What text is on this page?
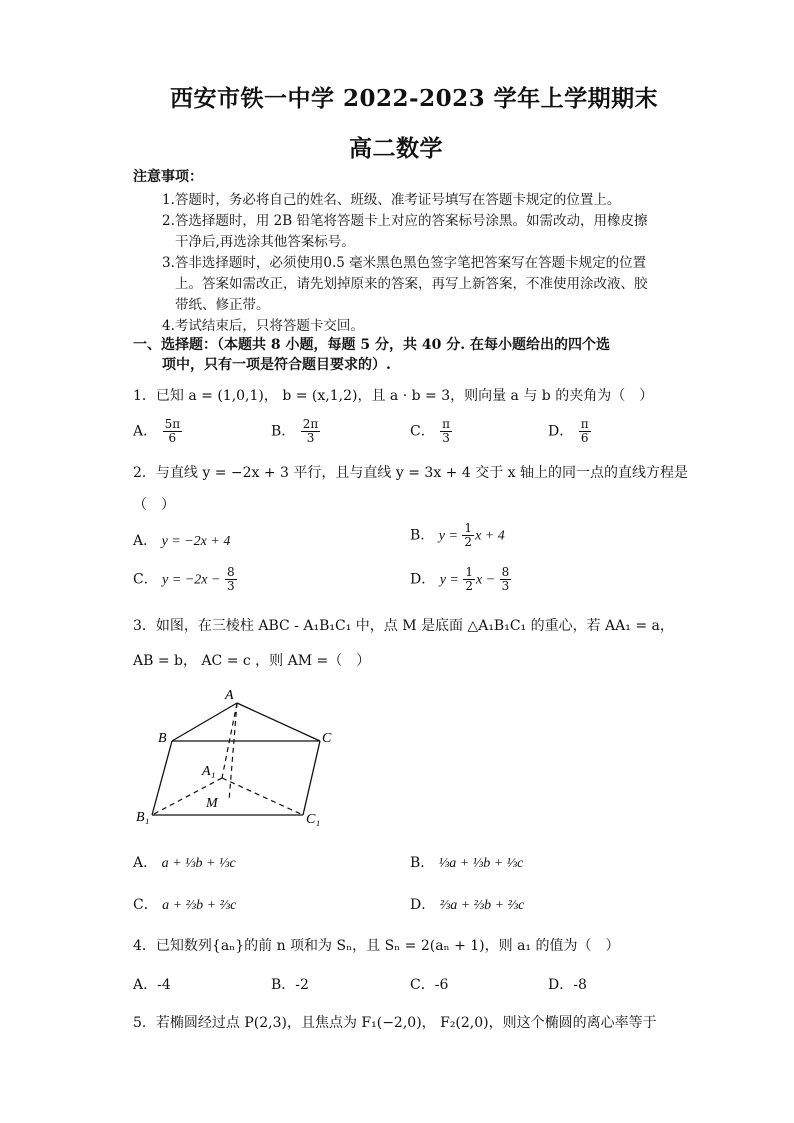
西安市铁一中学 2022-2023 学年上学期期末
高二数学
注意事项：
1.答题时，务必将自己的姓名、班级、准考证号填写在答题卡规定的位置上。
2.答选择题时，用 2B 铅笔将答题卡上对应的答案标号涂黑。如需改动，用橡皮擦
干净后,再选涂其他答案标号。
3.答非选择题时，必须使用0.5 毫米黑色黑色签字笔把答案写在答题卡规定的位置
上。答案如需改正，请先划掉原来的答案，再写上新答案，不准使用涂改液、胶
带纸、修正带。
4.考试结束后，只将答题卡交回。
一、选择题：（本题共 8 小题，每题 5 分，共 40 分. 在每小题给出的四个选
项中，只有一项是符合题目要求的）.
1．已知 a = (1,0,1)， b = (x,1,2)，且 a · b = 3，则向量 a 与 b 的夹角为（　）
A． $\frac{5\pi}{6}$	B． $\frac{2\pi}{3}$	C． $\frac{\pi}{3}$	D． $\frac{\pi}{6}$
2．与直线 y = −2x + 3 平行，且与直线 y = 3x + 4 交于 x 轴上的同一点的直线方程是
（　）
A． y = −2x + 4	B． $y = \frac{1}{2}$ x + 4
C． $y = -2x - \frac{8}{3}$	D． $y = \frac{1}{2}$ $x - \frac{8}{3}$
3．如图，在三棱柱 ABC - A₁B₁C₁ 中，点 M 是底面 △A₁B₁C₁ 的重心，若 AA₁ = a，
AB = b， AC = c ，则 AM =（　）
A
B	C
A₁
M
B₁	C₁
A． a + ⅓b + ⅓c	B． ⅓a + ⅓b + ⅓c
C． a + ⅔b + ⅔c	D． ⅔a + ⅔b + ⅔c
4．已知数列{aₙ}的前 n 项和为 Sₙ，且 Sₙ = 2(aₙ + 1)，则 a₁ 的值为（　）
A．-4	B．-2	C．-6	D．-8
5．若椭圆经过点 P(2,3)，且焦点为 F₁(−2,0)， F₂(2,0)，则这个椭圆的离心率等于
